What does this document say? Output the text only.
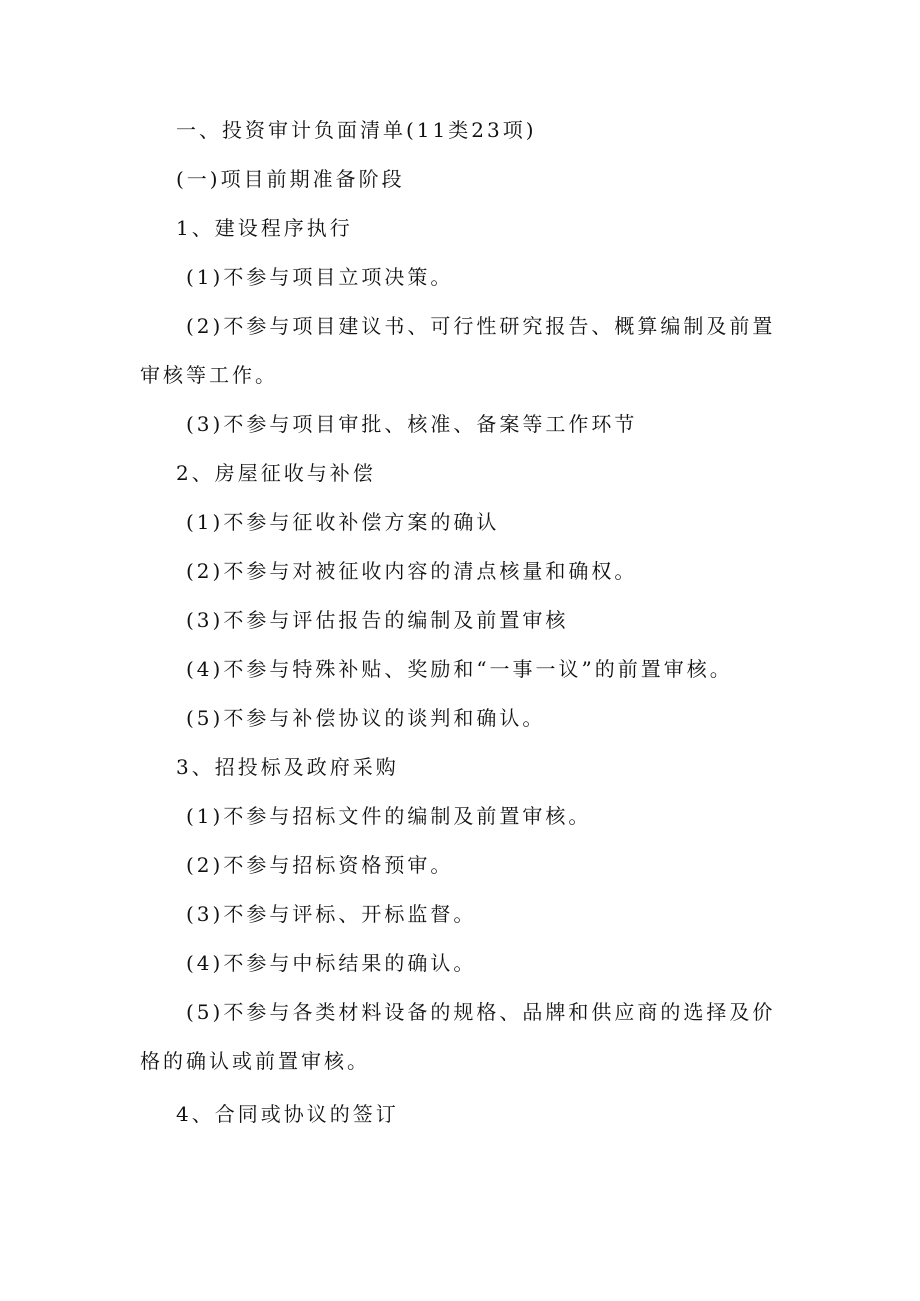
一、投资审计负面清单(11类23项)

(一)项目前期准备阶段

1、建设程序执行

(1)不参与项目立项决策。

(2)不参与项目建议书、可行性研究报告、概算编制及前置审核等工作。

(3)不参与项目审批、核准、备案等工作环节

2、房屋征收与补偿

(1)不参与征收补偿方案的确认

(2)不参与对被征收内容的清点核量和确权。

(3)不参与评估报告的编制及前置审核

(4)不参与特殊补贴、奖励和“一事一议”的前置审核。

(5)不参与补偿协议的谈判和确认。

3、招投标及政府采购

(1)不参与招标文件的编制及前置审核。

(2)不参与招标资格预审。

(3)不参与评标、开标监督。

(4)不参与中标结果的确认。

(5)不参与各类材料设备的规格、品牌和供应商的选择及价格的确认或前置审核。

4、合同或协议的签订
